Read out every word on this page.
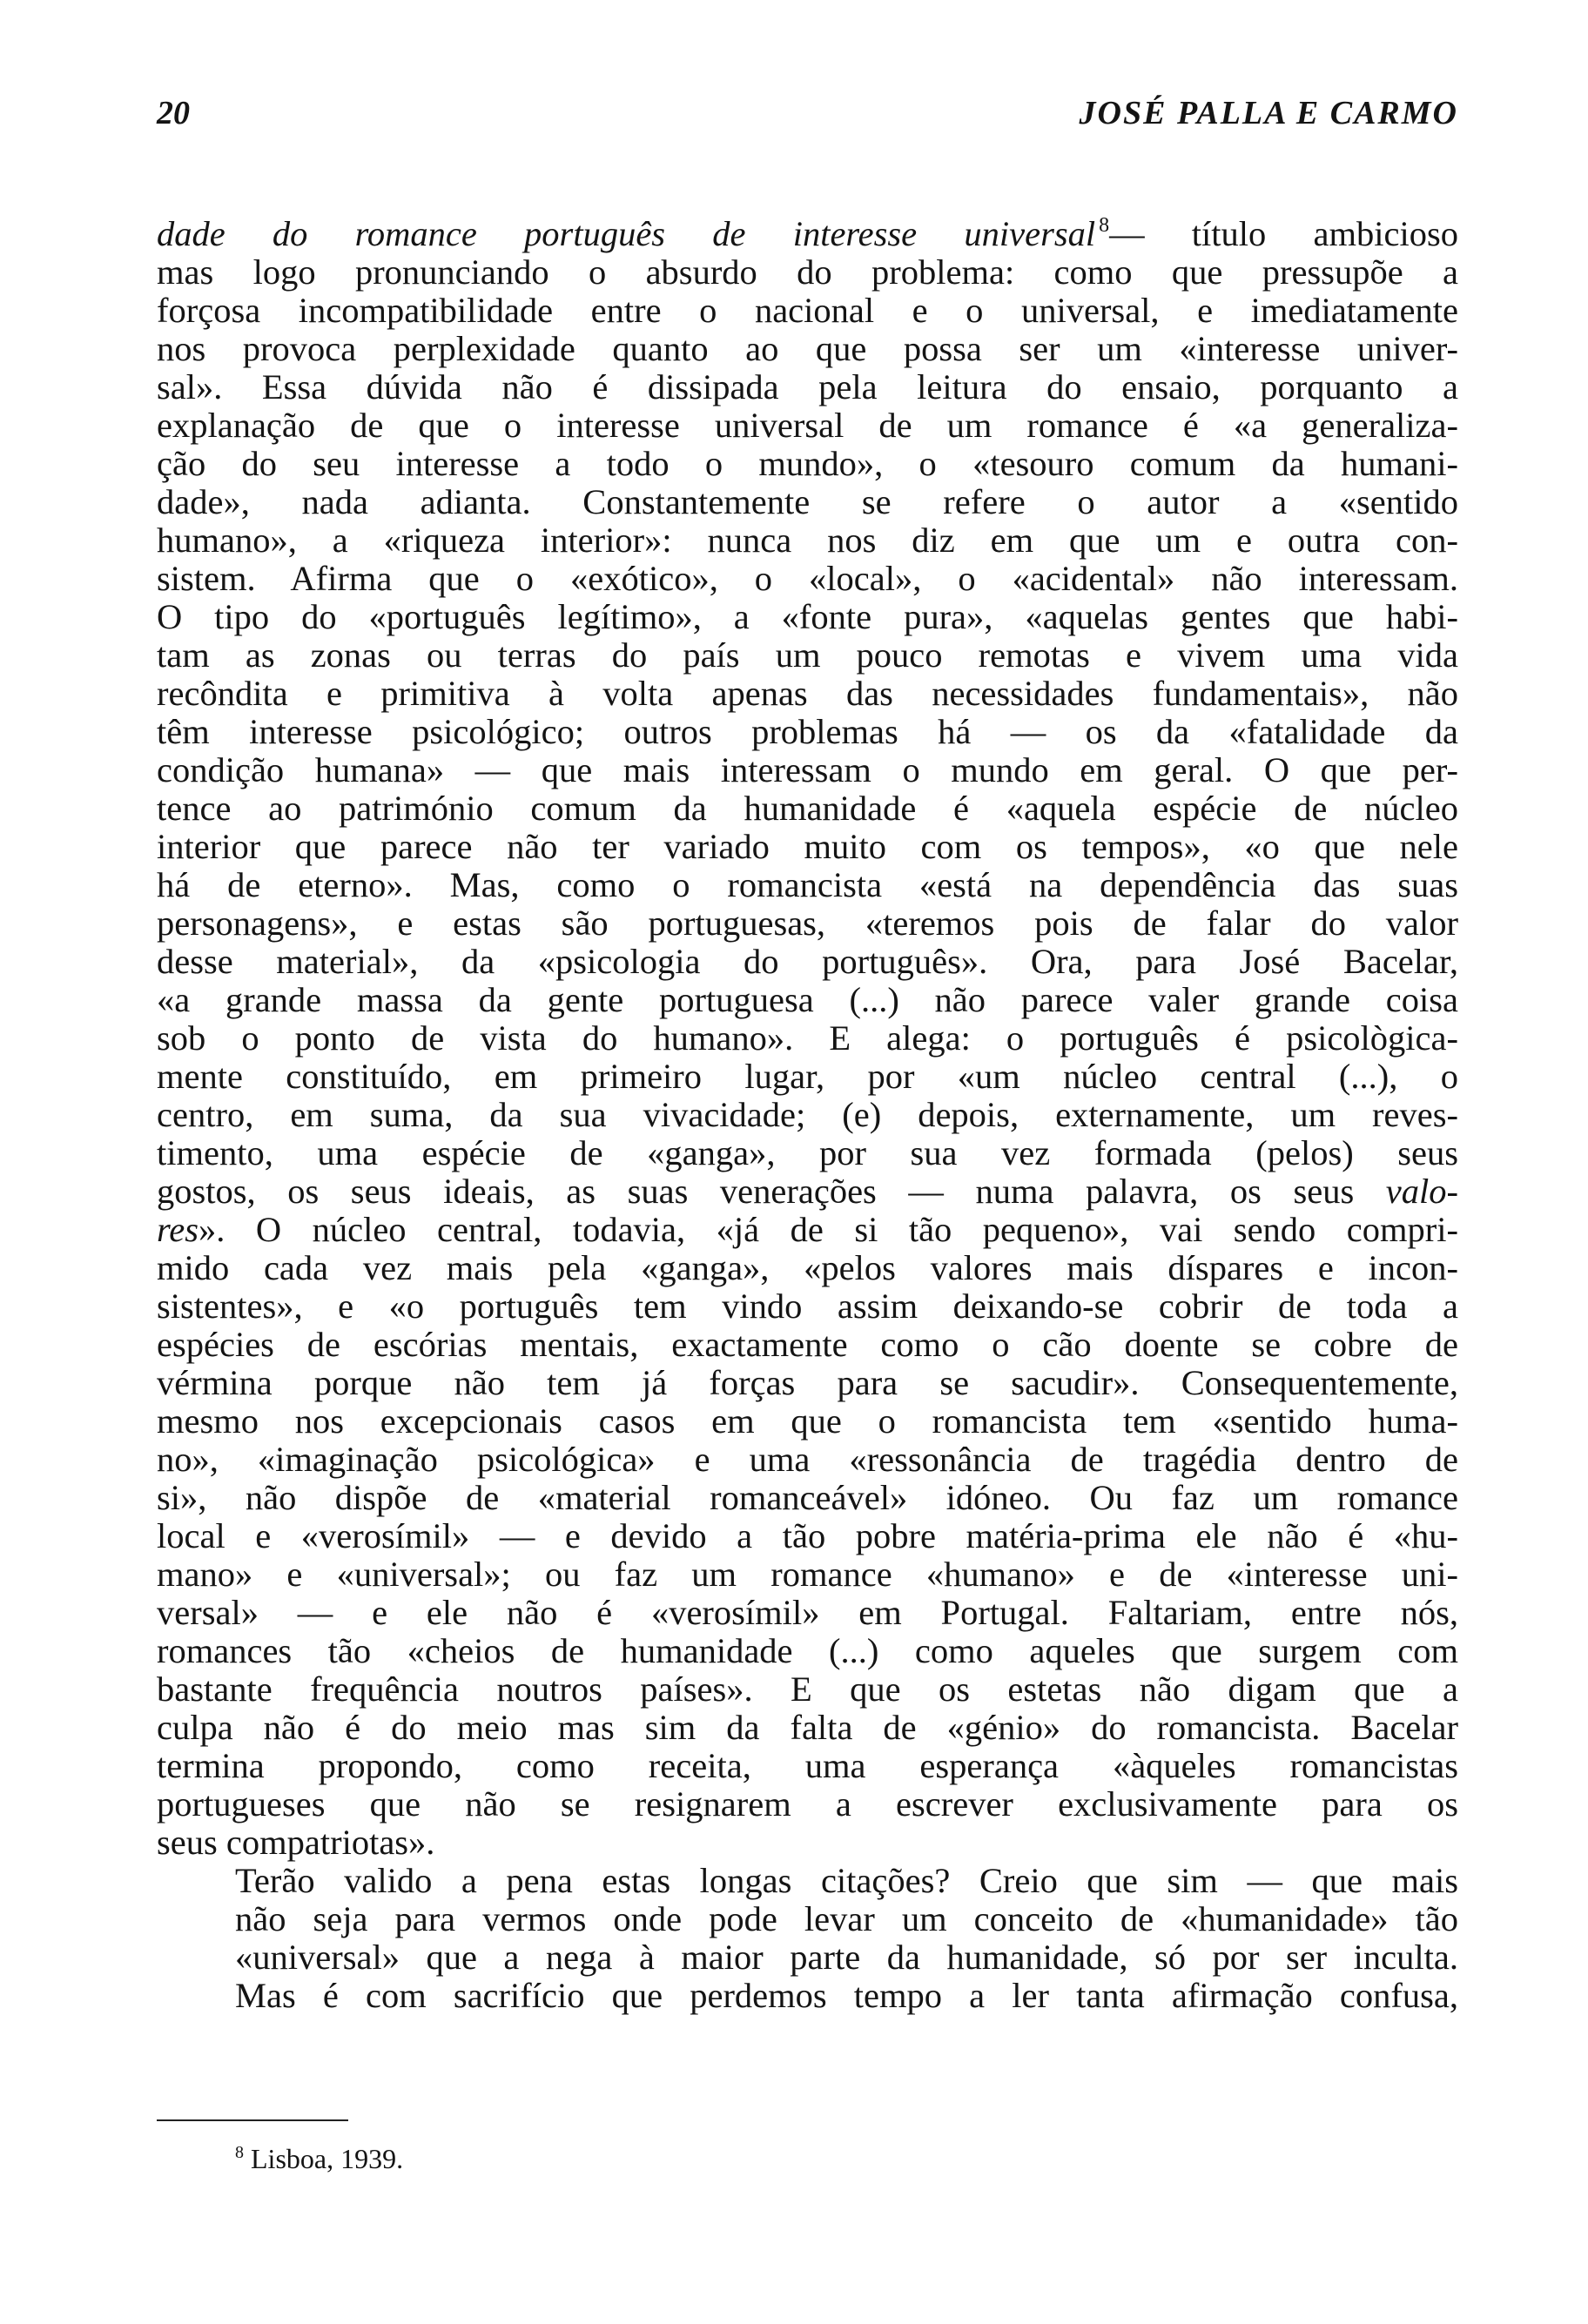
20	JOSÉ PALLA E CARMO

dade do romance português de interesse universal $^8$— título ambicioso
mas logo pronunciando o absurdo do problema: como que pressupõe a
forçosa incompatibilidade entre o nacional e o universal, e imediatamente
nos provoca perplexidade quanto ao que possa ser um «interesse univer-
sal». Essa dúvida não é dissipada pela leitura do ensaio, porquanto a
explanação de que o interesse universal de um romance é «a generaliza-
ção do seu interesse a todo o mundo», o «tesouro comum da humani-
dade», nada adianta. Constantemente se refere o autor a «sentido
humano», a «riqueza interior»: nunca nos diz em que um e outra con-
sistem. Afirma que o «exótico», o «local», o «acidental» não interessam.
O tipo do «português legítimo», a «fonte pura», «aquelas gentes que habi-
tam as zonas ou terras do país um pouco remotas e vivem uma vida
recôndita e primitiva à volta apenas das necessidades fundamentais», não
têm interesse psicológico; outros problemas há — os da «fatalidade da
condição humana» — que mais interessam o mundo em geral. O que per-
tence ao património comum da humanidade é «aquela espécie de núcleo
interior que parece não ter variado muito com os tempos», «o que nele
há de eterno». Mas, como o romancista «está na dependência das suas
personagens», e estas são portuguesas, «teremos pois de falar do valor
desse material», da «psicologia do português». Ora, para José Bacelar,
«a grande massa da gente portuguesa (...) não parece valer grande coisa
sob o ponto de vista do humano». E alega: o português é psicològica-
mente constituído, em primeiro lugar, por «um núcleo central (...), o
centro, em suma, da sua vivacidade; (e) depois, externamente, um reves-
timento, uma espécie de «ganga», por sua vez formada (pelos) seus
gostos, os seus ideais, as suas venerações — numa palavra, os seus valo-
res». O núcleo central, todavia, «já de si tão pequeno», vai sendo compri-
mido cada vez mais pela «ganga», «pelos valores mais díspares e incon-
sistentes», e «o português tem vindo assim deixando-se cobrir de toda a
espécies de escórias mentais, exactamente como o cão doente se cobre de
vérmina porque não tem já forças para se sacudir». Consequentemente,
mesmo nos excepcionais casos em que o romancista tem «sentido huma-
no», «imaginação psicológica» e uma «ressonância de tragédia dentro de
si», não dispõe de «material romanceável» idóneo. Ou faz um romance
local e «verosímil» — e devido a tão pobre matéria-prima ele não é «hu-
mano» e «universal»; ou faz um romance «humano» e de «interesse uni-
versal» — e ele não é «verosímil» em Portugal. Faltariam, entre nós,
romances tão «cheios de humanidade (...) como aqueles que surgem com
bastante frequência noutros países». E que os estetas não digam que a
culpa não é do meio mas sim da falta de «génio» do romancista. Bacelar
termina propondo, como receita, uma esperança «àqueles romancistas
portugueses que não se resignarem a escrever exclusivamente para os
seus compatriotas».

Terão valido a pena estas longas citações? Creio que sim — que mais
não seja para vermos onde pode levar um conceito de «humanidade» tão
«universal» que a nega à maior parte da humanidade, só por ser inculta.
Mas é com sacrifício que perdemos tempo a ler tanta afirmação confusa,

$^8$ Lisboa, 1939.
